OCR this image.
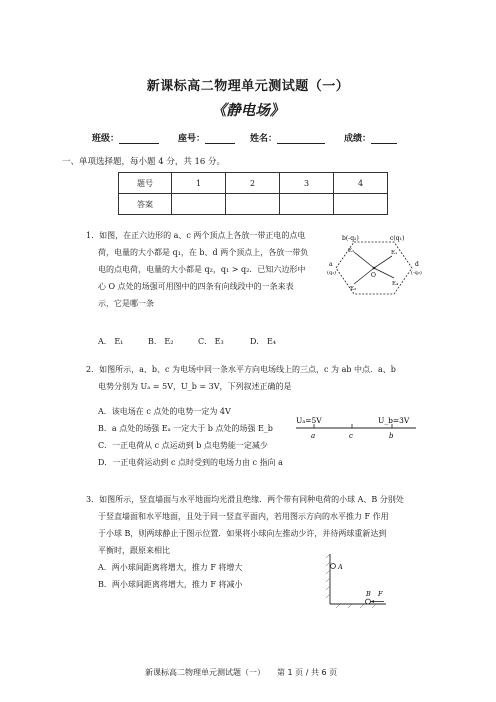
新课标高二物理单元测试题（一）
《静电场》
班级：	座号：	姓名：	成绩：
一、单项选择题，每小题 4 分，共 16 分。
题号	1	2	3	4
答案				

1．如图，在正六边形的 a、c 两个顶点上各放一带正电的点电

荷，电量的大小都是 q₁，在 b、d 两个顶点上，各放一带负

电的点电荷，电量的大小都是 q₂，q₁ > q₂．已知六边形中

心 O 点处的场强可用图中的四条有向线段中的一条来表

示，它是哪一条

A． E₁	B． E₂	C． E₃	D． E₄
b(-q₂)	c(q₁)
a
(q₁)
d
(-q₂)
O
E₂	E₁
E₄
E₃

2．如图所示，a、b、c 为电场中同一条水平方向电场线上的三点，c 为 ab 中点．a、b

电势分别为 Uₐ = 5V，U_b = 3V，下列叙述正确的是

A．该电场在 c 点处的电势一定为 4V

B．a 点处的场强 Eₐ 一定大于 b 点处的场强 E_b

C．一正电荷从 c 点运动到 b 点电势能一定减少

D．一正电荷运动到 c 点时受到的电场力由 c 指向 a

Uₐ=5V	U_b=3V
a	c	b

3．如图所示，竖直墙面与水平地面均光滑且绝缘．两个带有同种电荷的小球 A、B 分别处

于竖直墙面和水平地面，且处于同一竖直平面内，若用图示方向的水平推力 F 作用

于小球 B，则两球静止于图示位置．如果将小球向左推动少许，并待两球重新达到

平衡时，跟原来相比

A．两小球间距离将增大，推力 F 将增大

B．两小球间距离将增大，推力 F 将减小

A
B F
新课标高二物理单元测试题（一）　　第 1 页 / 共 6 页
